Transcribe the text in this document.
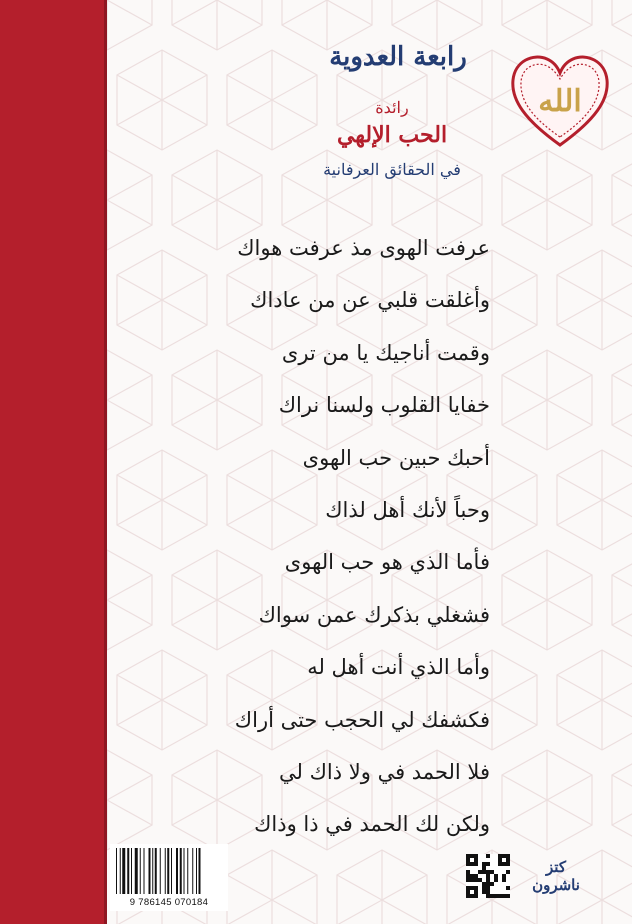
رابعة العدوية
رائدة
الحب الإلهي
في الحقائق العرفانية
الله
عرفت الهوى مذ عرفت هواك
وأغلقت قلبي عن من عاداك
وقمت أناجيك يا من ترى
خفايا القلوب ولسنا نراك
أحبك حبين حب الهوى
وحباً لأنك أهل لذاك
فأما الذي هو حب الهوى
فشغلي بذكرك عمن سواك
وأما الذي أنت أهل له
فكشفك لي الحجب حتى أراك
فلا الحمد في ولا ذاك لي
ولكن لك الحمد في ذا وذاك
9 786145 070184
كتز ناشرون
